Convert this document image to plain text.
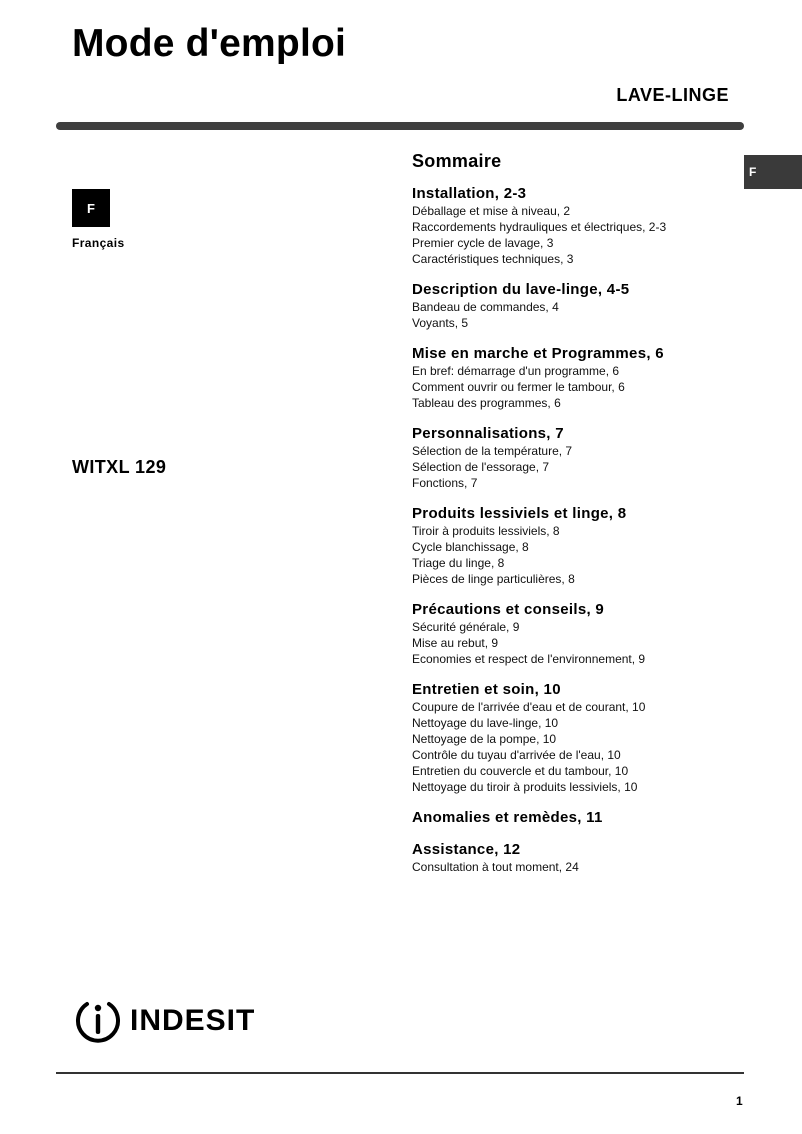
Mode d'emploi
LAVE-LINGE
F
Français
WITXL 129
F
Sommaire
Installation, 2-3
Déballage et mise à niveau, 2
Raccordements hydrauliques et électriques, 2-3
Premier cycle de lavage, 3
Caractéristiques techniques, 3
Description du lave-linge, 4-5
Bandeau de commandes, 4
Voyants, 5
Mise en marche et Programmes, 6
En bref: démarrage d'un programme, 6
Comment ouvrir ou fermer le tambour, 6
Tableau des programmes, 6
Personnalisations, 7
Sélection de la température, 7
Sélection de l'essorage, 7
Fonctions, 7
Produits lessiviels et linge, 8
Tiroir à produits lessiviels, 8
Cycle blanchissage, 8
Triage du linge, 8
Pièces de linge particulières, 8
Précautions et conseils, 9
Sécurité générale, 9
Mise au rebut, 9
Economies et respect de l'environnement, 9
Entretien et soin, 10
Coupure de l'arrivée d'eau et de courant, 10
Nettoyage du lave-linge, 10
Nettoyage de la pompe, 10
Contrôle du tuyau d'arrivée de l'eau, 10
Entretien du couvercle et du tambour, 10
Nettoyage du tiroir à produits lessiviels, 10
Anomalies et remèdes, 11
Assistance, 12
Consultation à tout moment, 24
INDESIT
1
